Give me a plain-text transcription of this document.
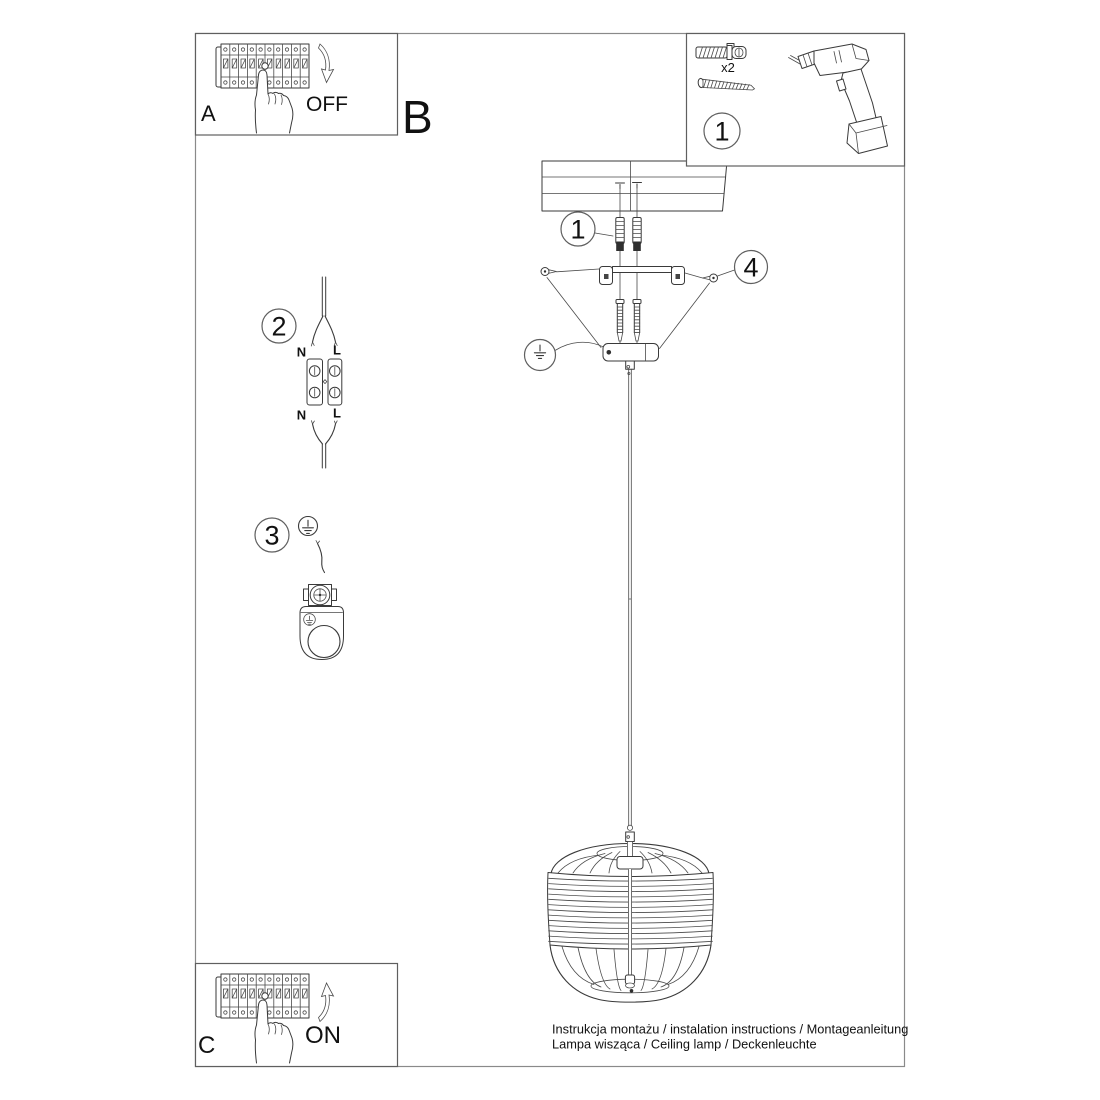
1
4
2
N L
N L
3
OFF
A	B
x2
1
ON
C
Instrukcja montażu / instalation instructions / Montageanleitung
Lampa wisząca / Ceiling lamp / Deckenleuchte
